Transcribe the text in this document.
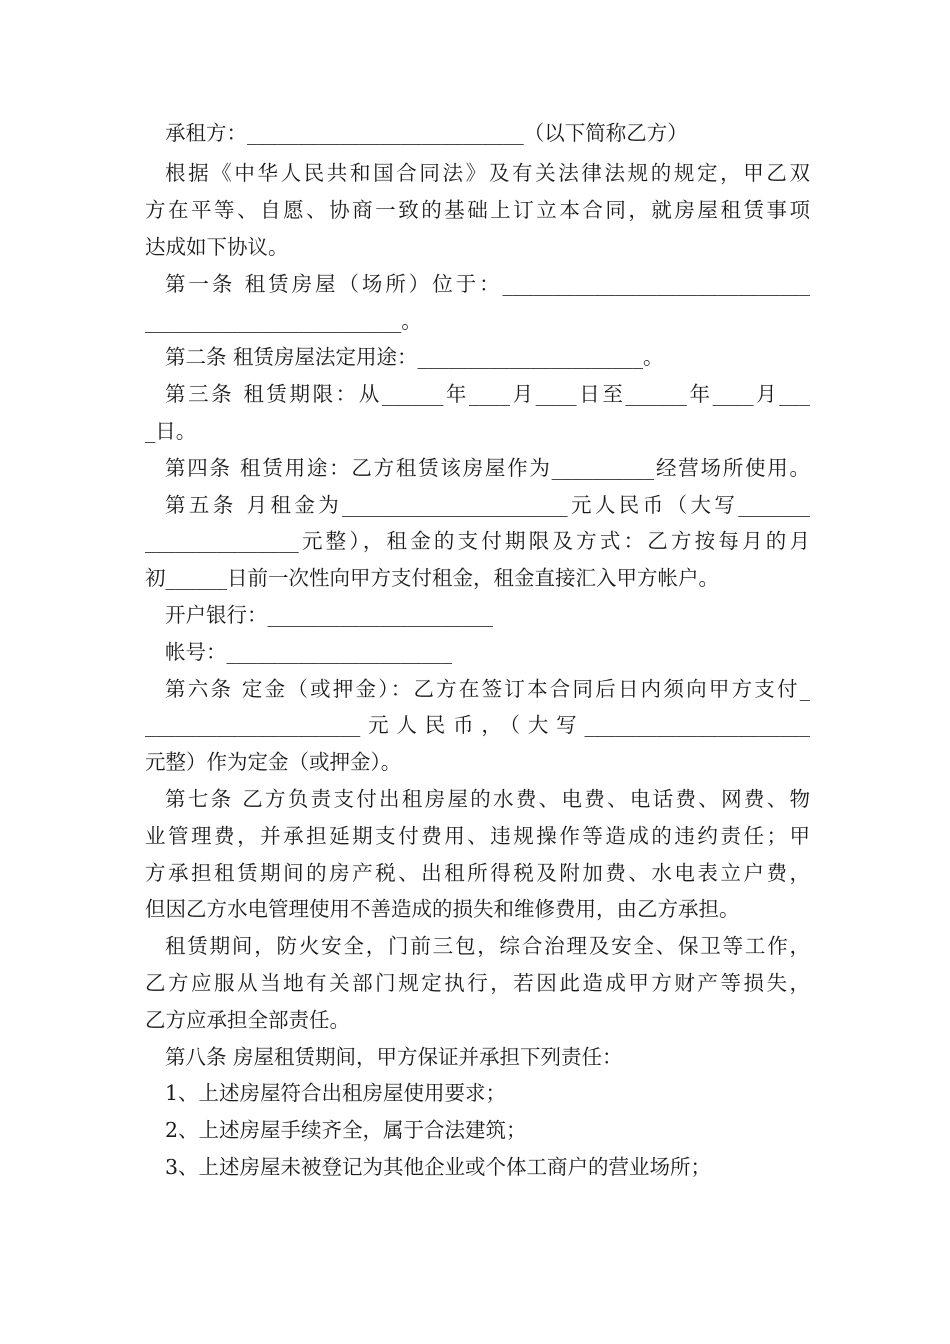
承租方：___________________________（以下简称乙方）
根据《中华人民共和国合同法》及有关法律法规的规定，甲乙双
方在平等、自愿、协商一致的基础上订立本合同，就房屋租赁事项
达成如下协议。
第一条 租赁房屋（场所）位于：______________________________
_________________________。
第二条 租赁房屋法定用途：______________________。
第三条 租赁期限：从______年____月____日至______年____月___
_日。
第四条 租赁用途：乙方租赁该房屋作为__________经营场所使用。
第五条 月租金为______________________元人民币（大写_______
_______________元整），租金的支付期限及方式：乙方按每月的月
初______日前一次性向甲方支付租金，租金直接汇入甲方帐户。
开户银行：______________________
帐号：______________________
第六条 定金（或押金）：乙方在签订本合同后日内须向甲方支付_
_____________________元人民币，（大写______________________
元整）作为定金（或押金）。
第七条 乙方负责支付出租房屋的水费、电费、电话费、网费、物
业管理费，并承担延期支付费用、违规操作等造成的违约责任；甲
方承担租赁期间的房产税、出租所得税及附加费、水电表立户费，
但因乙方水电管理使用不善造成的损失和维修费用，由乙方承担。
租赁期间，防火安全，门前三包，综合治理及安全、保卫等工作，
乙方应服从当地有关部门规定执行，若因此造成甲方财产等损失，
乙方应承担全部责任。
第八条 房屋租赁期间，甲方保证并承担下列责任：
1、上述房屋符合出租房屋使用要求；
2、上述房屋手续齐全，属于合法建筑；
3、上述房屋未被登记为其他企业或个体工商户的营业场所；
